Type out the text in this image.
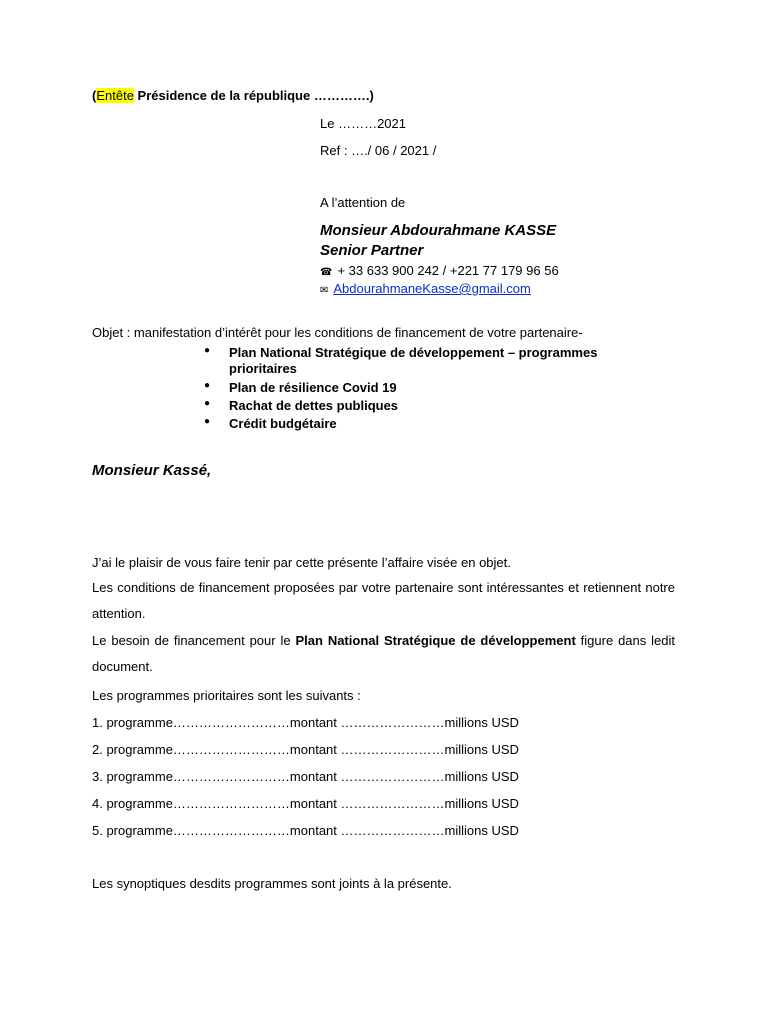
(Entête Présidence de la république ………….)
Le ………2021
Ref : …./ 06 / 2021 /
A l’attention de
Monsieur Abdourahmane KASSE
Senior Partner
☎ + 33 633 900 242 / +221 77 179 96 56
✉ AbdourahmaneKasse@gmail.com
Objet : manifestation d’intérêt pour les conditions de financement de votre partenaire-
● Plan National Stratégique de développement – programmes
prioritaires
● Plan de résilience Covid 19
● Rachat de dettes publiques
● Crédit budgétaire
Monsieur Kassé,
J’ai le plaisir de vous faire tenir par cette présente l’affaire visée en objet.
Les conditions de financement proposées par votre partenaire sont intéressantes et retiennent notre attention.
Le besoin de financement pour le Plan National Stratégique de développement figure dans ledit document.
Les programmes prioritaires sont les suivants :
1. programme………………………montant ……………………millions USD
2. programme………………………montant ……………………millions USD
3. programme………………………montant ……………………millions USD
4. programme………………………montant ……………………millions USD
5. programme………………………montant ……………………millions USD
Les synoptiques desdits programmes sont joints à la présente.
